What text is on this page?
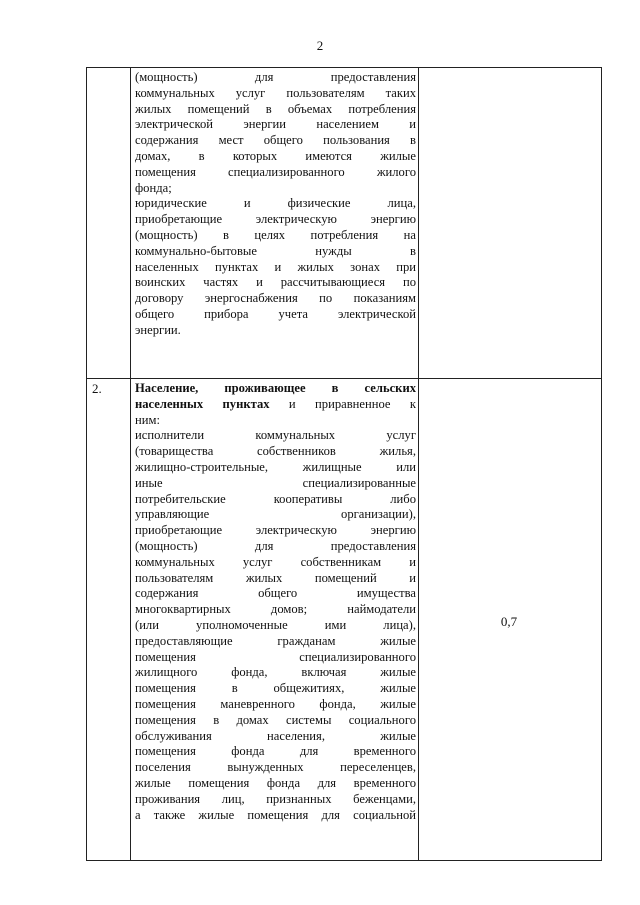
2
(мощность) для предоставления
коммунальных услуг пользователям таких
жилых помещений в объемах потребления
электрической энергии населением и
содержания мест общего пользования в
домах, в которых имеются жилые
помещения специализированного жилого
фонда;
юридические и физические лица,
приобретающие электрическую энергию
(мощность) в целях потребления на
коммунально-бытовые нужды в
населенных пунктах и жилых зонах при
воинских частях и рассчитывающиеся по
договору энергоснабжения по показаниям
общего прибора учета электрической
энергии.
2.	Население, проживающее в сельских
населенных пунктах и приравненное к
ним:
исполнители коммунальных услуг
(товарищества собственников жилья,
жилищно-строительные, жилищные или
иные специализированные
потребительские кооперативы либо
управляющие организации),
приобретающие электрическую энергию
(мощность) для предоставления
коммунальных услуг собственникам и
пользователям жилых помещений и
содержания общего имущества
многоквартирных домов; наймодатели
(или уполномоченные ими лица),
предоставляющие гражданам жилые
помещения специализированного
жилищного фонда, включая жилые
помещения в общежитиях, жилые
помещения маневренного фонда, жилые
помещения в домах системы социального
обслуживания населения, жилые
помещения фонда для временного
поселения вынужденных переселенцев,
жилые помещения фонда для временного
проживания лиц, признанных беженцами,
а также жилые помещения для социальной
0,7
